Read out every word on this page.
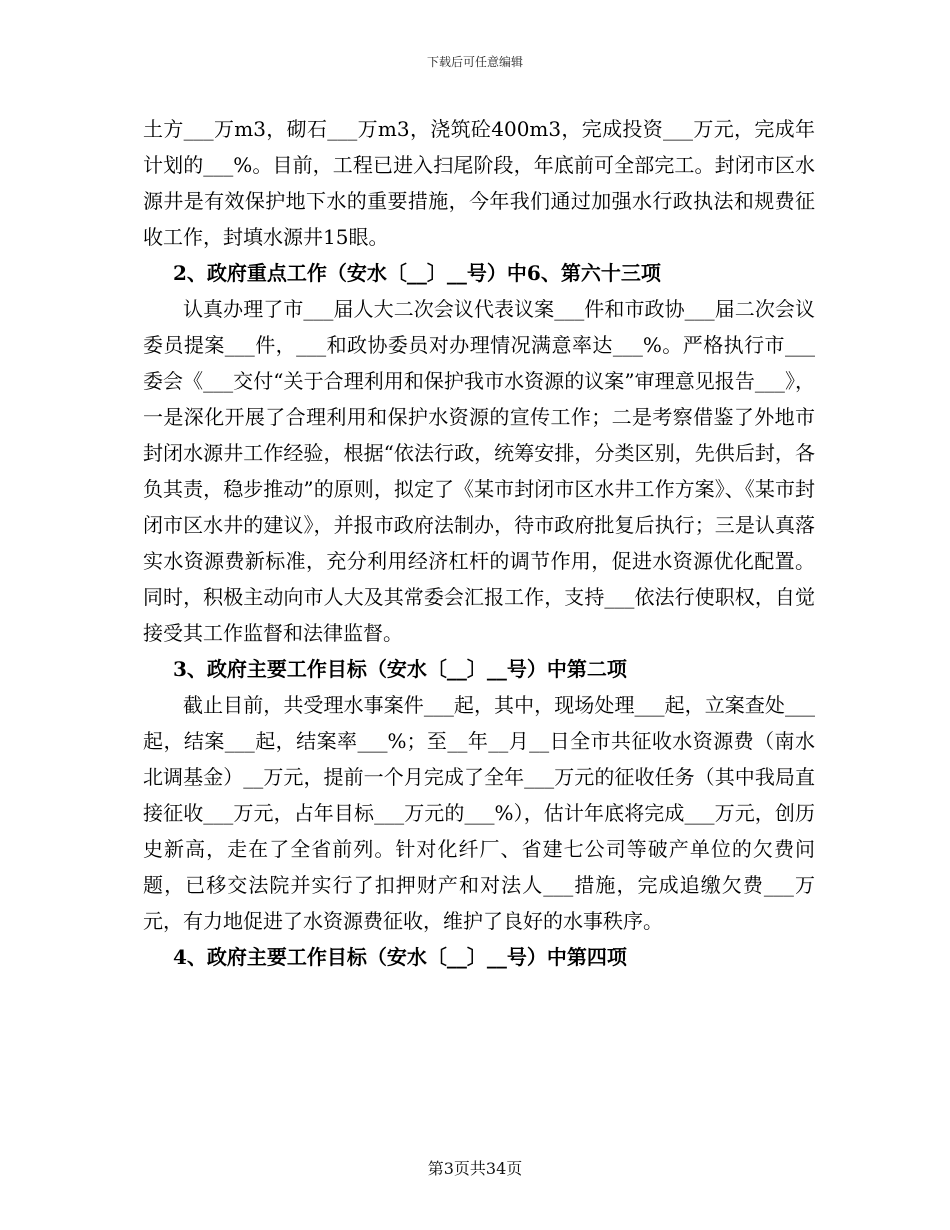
下载后可任意编辑

土方___万m3，砌石___万m3，浇筑砼400m3，完成投资___万元，完成年计划的___%。目前，工程已进入扫尾阶段，年底前可全部完工。封闭市区水源井是有效保护地下水的重要措施，今年我们通过加强水行政执法和规费征收工作，封填水源井15眼。

2、政府重点工作（安水〔__〕__号）中6、第六十三项

认真办理了市___届人大二次会议代表议案___件和市政协___届二次会议委员提案___件，___和政协委员对办理情况满意率达___%。严格执行市___委会《___交付“关于合理利用和保护我市水资源的议案”审理意见报告___》，一是深化开展了合理利用和保护水资源的宣传工作；二是考察借鉴了外地市封闭水源井工作经验，根据“依法行政，统筹安排，分类区别，先供后封，各负其责，稳步推动”的原则，拟定了《某市封闭市区水井工作方案》、《某市封闭市区水井的建议》，并报市政府法制办，待市政府批复后执行；三是认真落实水资源费新标准，充分利用经济杠杆的调节作用，促进水资源优化配置。同时，积极主动向市人大及其常委会汇报工作，支持___依法行使职权，自觉接受其工作监督和法律监督。

3、政府主要工作目标（安水〔__〕__号）中第二项

截止目前，共受理水事案件___起，其中，现场处理___起，立案查处___起，结案___起，结案率___%；至__年__月__日全市共征收水资源费（南水北调基金）__万元，提前一个月完成了全年___万元的征收任务（其中我局直接征收___万元，占年目标___万元的___%），估计年底将完成___万元，创历史新高，走在了全省前列。针对化纤厂、省建七公司等破产单位的欠费问题，已移交法院并实行了扣押财产和对法人___措施，完成追缴欠费___万元，有力地促进了水资源费征收，维护了良好的水事秩序。

4、政府主要工作目标（安水〔__〕__号）中第四项
第3页共34页
